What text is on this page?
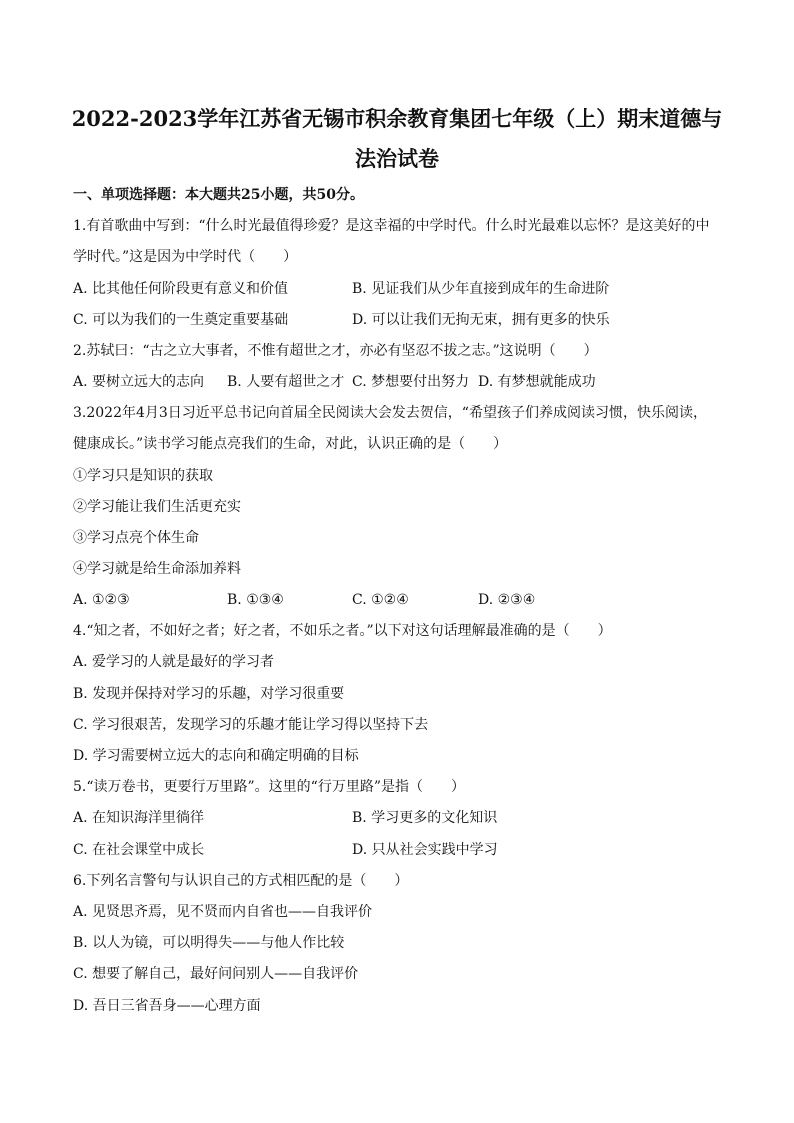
2022-2023学年江苏省无锡市积余教育集团七年级（上）期末道德与
法治试卷

一、单项选择题：本大题共25小题，共50分。

1.有首歌曲中写到：“什么时光最值得珍爱？是这幸福的中学时代。什么时光最难以忘怀？是这美好的中

学时代。”这是因为中学时代（　　）

A. 比其他任何阶段更有意义和价值	B. 见证我们从少年直接到成年的生命进阶

C. 可以为我们的一生奠定重要基础	D. 可以让我们无拘无束，拥有更多的快乐

2.苏轼曰：“古之立大事者，不惟有超世之才，亦必有坚忍不拔之志。”这说明（　　）

A. 要树立远大的志向 B. 人要有超世之才 C. 梦想要付出努力 D. 有梦想就能成功

3.2022年4月3日习近平总书记向首届全民阅读大会发去贺信，“希望孩子们养成阅读习惯，快乐阅读，

健康成长。”读书学习能点亮我们的生命，对此，认识正确的是（　　）

①学习只是知识的获取

②学习能让我们生活更充实

③学习点亮个体生命

④学习就是给生命添加养料

A. ①②③	B. ①③④	C. ①②④	D. ②③④

4.“知之者，不如好之者；好之者，不如乐之者。”以下对这句话理解最准确的是（　　）

A. 爱学习的人就是最好的学习者

B. 发现并保持对学习的乐趣，对学习很重要

C. 学习很艰苦，发现学习的乐趣才能让学习得以坚持下去

D. 学习需要树立远大的志向和确定明确的目标

5.“读万卷书，更要行万里路”。这里的“行万里路”是指（　　）

A. 在知识海洋里徜徉	B. 学习更多的文化知识

C. 在社会课堂中成长	D. 只从社会实践中学习

6.下列名言警句与认识自己的方式相匹配的是（　　）

A. 见贤思齐焉，见不贤而内自省也——自我评价

B. 以人为镜，可以明得失——与他人作比较

C. 想要了解自己，最好问问别人——自我评价

D. 吾日三省吾身——心理方面
